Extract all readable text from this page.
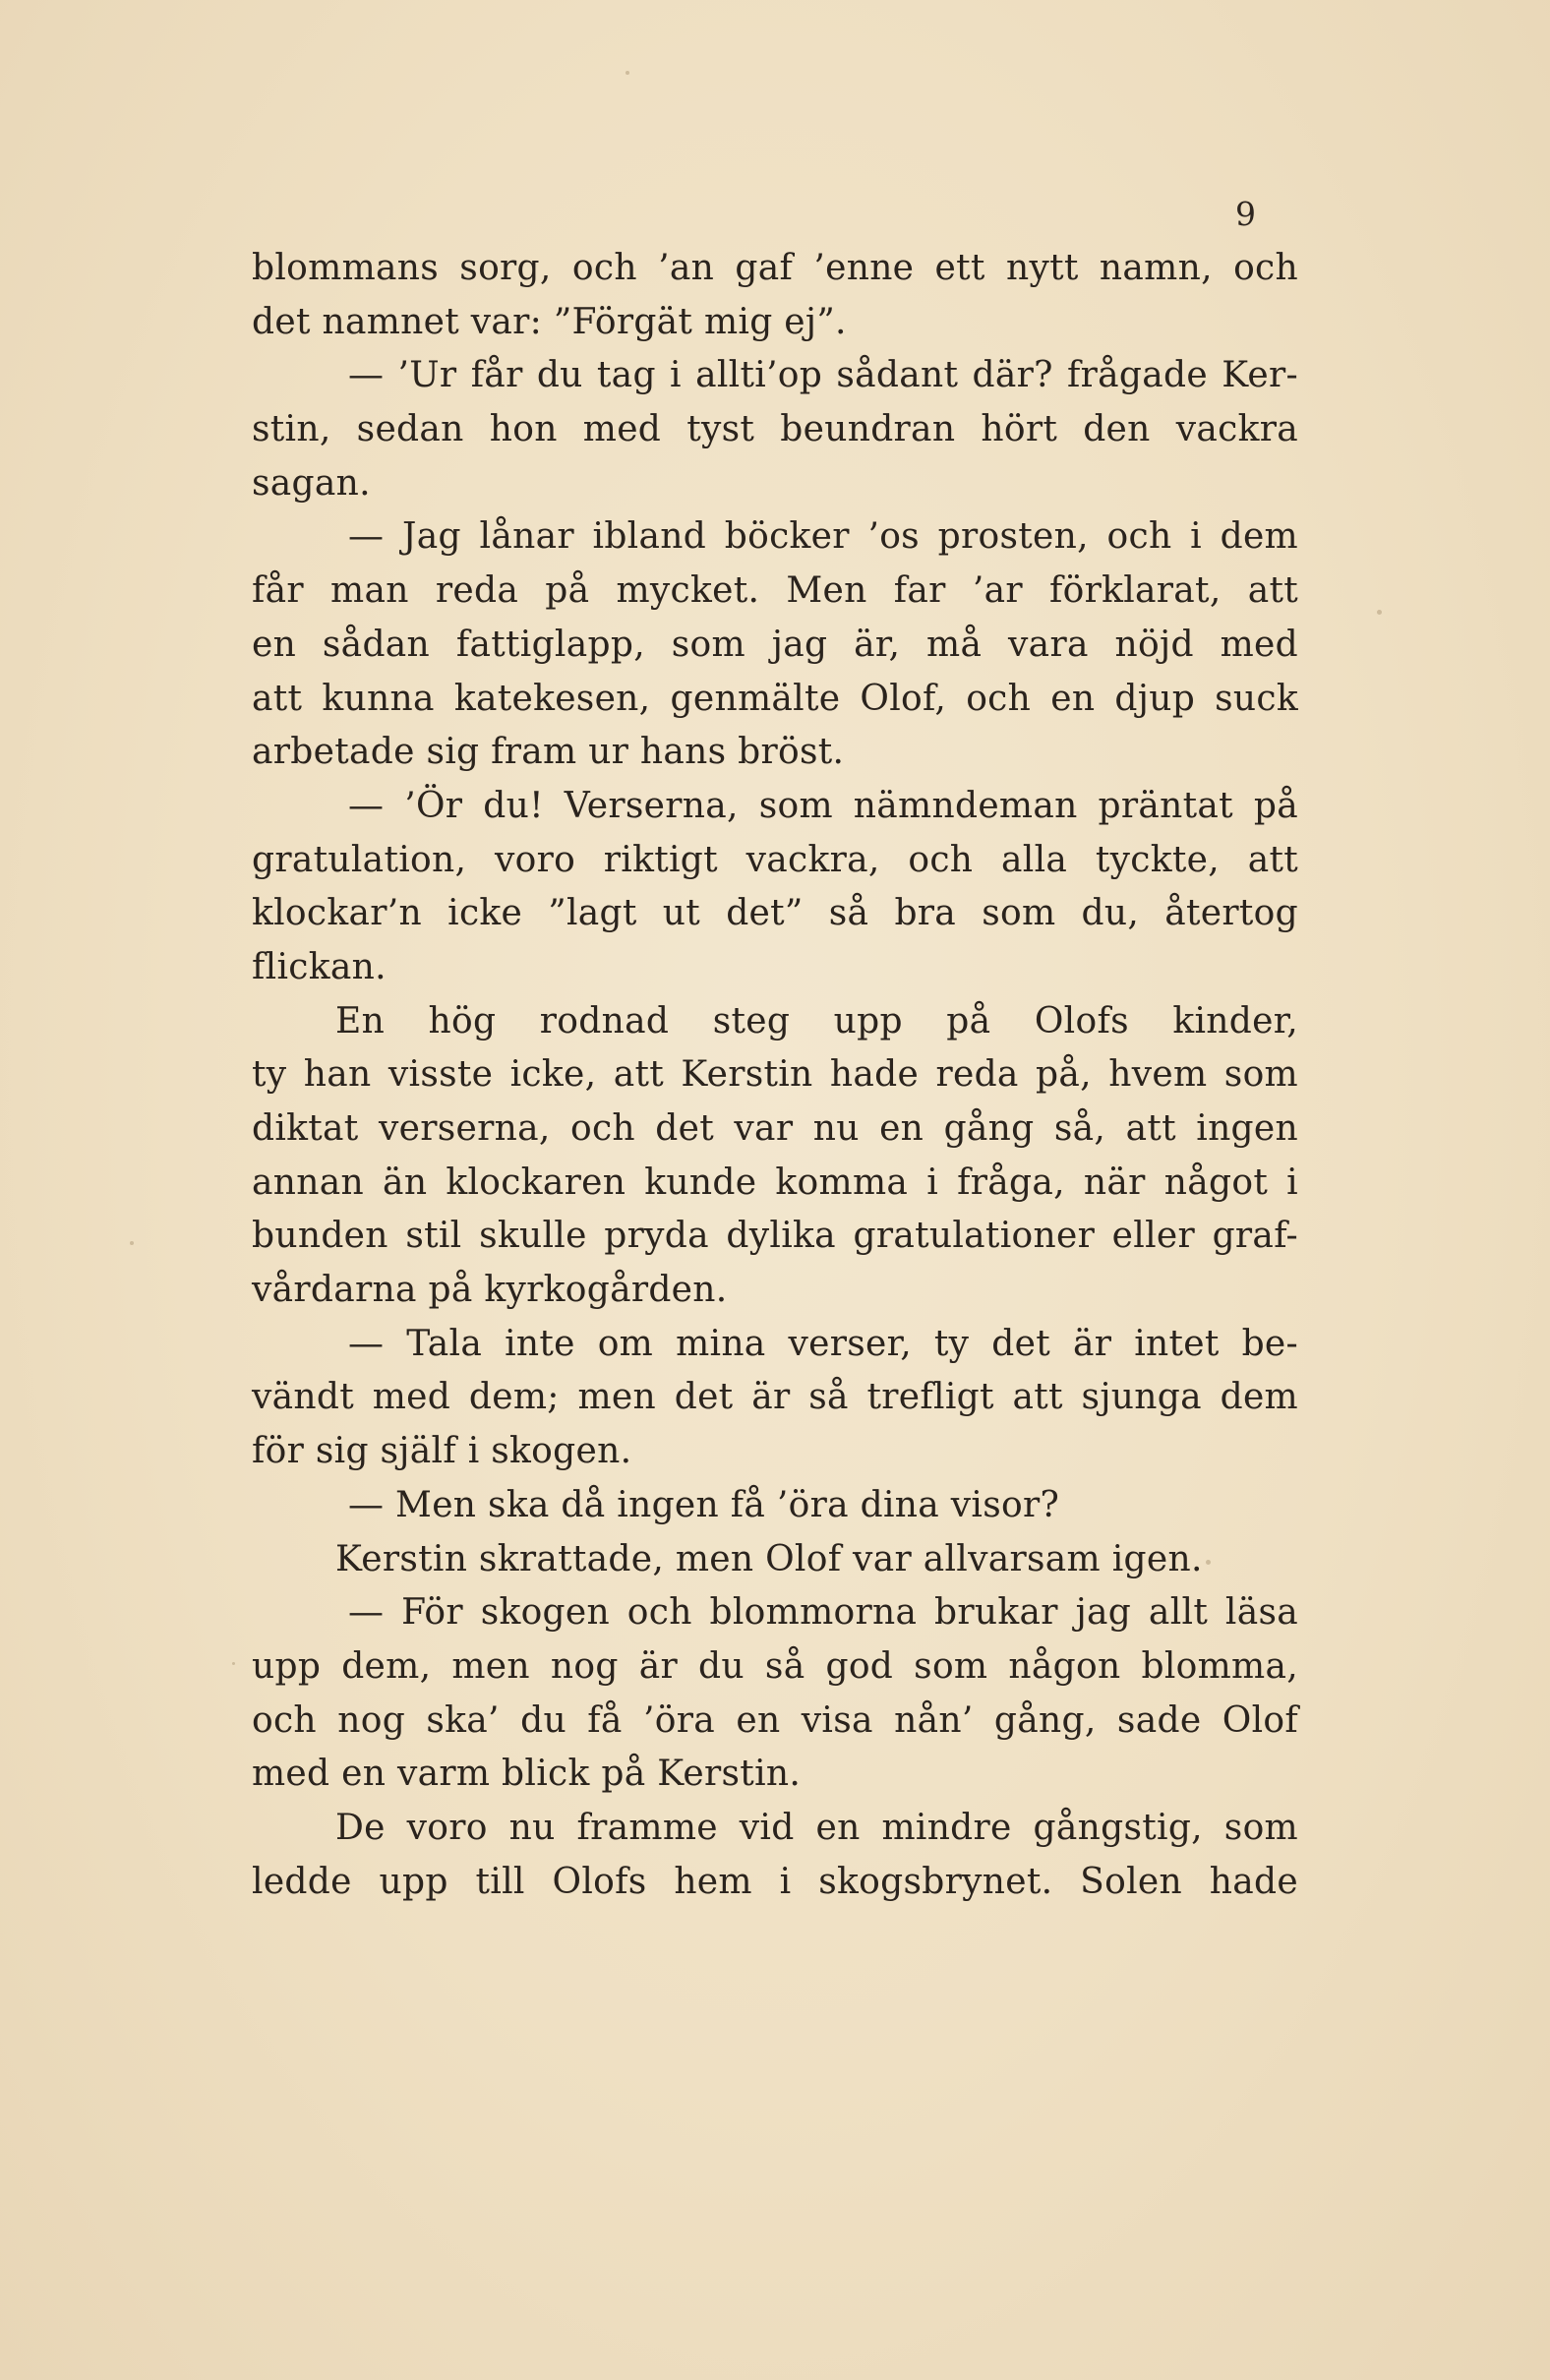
9
blommans sorg, och ’an gaf ’enne ett nytt namn, och
det namnet var: ”Förgät mig ej”.
— ’Ur får du tag i allti’op sådant där? frågade Ker-
stin, sedan hon med tyst beundran hört den vackra
sagan.
— Jag lånar ibland böcker ’os prosten, och i dem
får man reda på mycket. Men far ’ar förklarat, att
en sådan fattiglapp, som jag är, må vara nöjd med
att kunna katekesen, genmälte Olof, och en djup suck
arbetade sig fram ur hans bröst.
— ’Ör du! Verserna, som nämndeman präntat på
gratulation, voro riktigt vackra, och alla tyckte, att
klockar’n icke ”lagt ut det” så bra som du, återtog
flickan.
En hög rodnad steg upp på Olofs kinder,
ty han visste icke, att Kerstin hade reda på, hvem som
diktat verserna, och det var nu en gång så, att ingen
annan än klockaren kunde komma i fråga, när något i
bunden stil skulle pryda dylika gratulationer eller graf-
vårdarna på kyrkogården.
— Tala inte om mina verser, ty det är intet be-
vändt med dem; men det är så trefligt att sjunga dem
för sig själf i skogen.
— Men ska då ingen få ’öra dina visor?
Kerstin skrattade, men Olof var allvarsam igen.
— För skogen och blommorna brukar jag allt läsa
upp dem, men nog är du så god som någon blomma,
och nog ska’ du få ’öra en visa nån’ gång, sade Olof
med en varm blick på Kerstin.
De voro nu framme vid en mindre gångstig, som
ledde upp till Olofs hem i skogsbrynet. Solen hade
